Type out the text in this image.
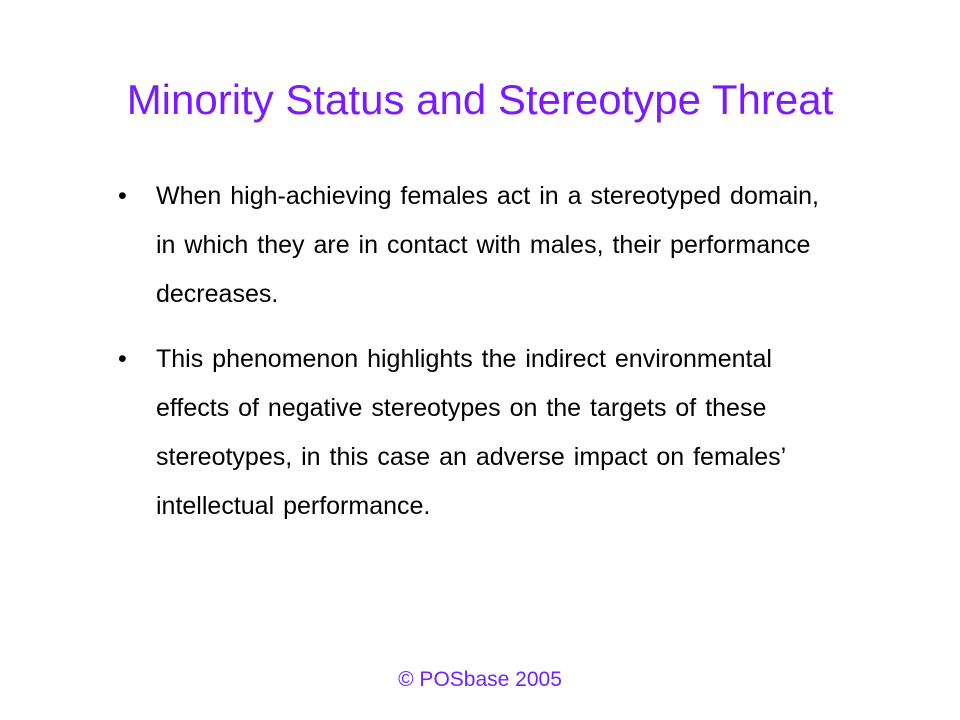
Minority Status and Stereotype Threat
•	When high-achieving females act in a stereotyped domain, in which they are in contact with males, their performance decreases.
•	This phenomenon highlights the indirect environmental effects of negative stereotypes on the targets of these stereotypes, in this case an adverse impact on females’ intellectual performance.
© POSbase 2005
